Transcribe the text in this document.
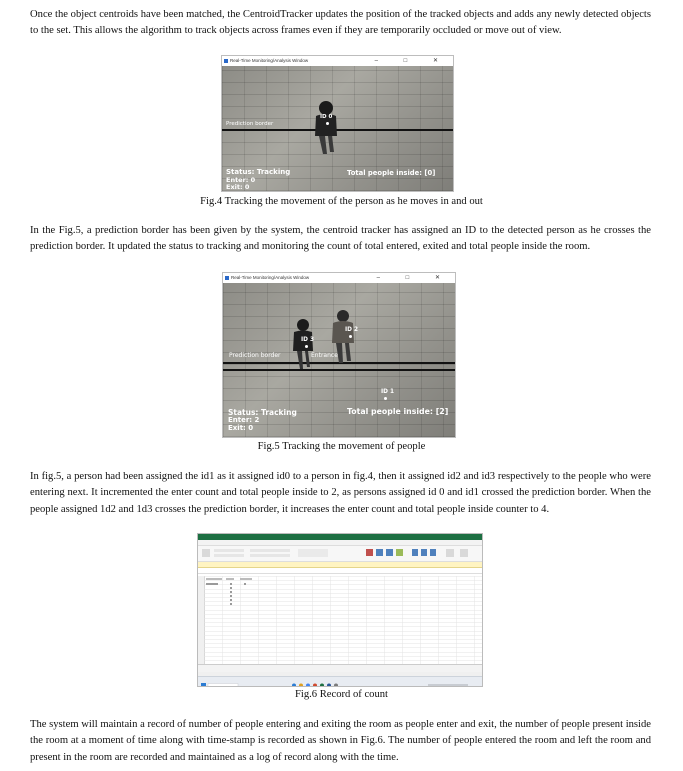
Once the object centroids have been matched, the CentroidTracker updates the position of the tracked objects and adds any newly detected objects to the set. This allows the algorithm to track objects across frames even if they are temporarily occluded or move out of view.

Real-Time Monitoring/Analysis Window	– □ ✕
Prediction border
ID 0
Status: Tracking
Enter: 0
Exit: 0
Total people inside: [0]
Fig.4 Tracking the movement of the person as he moves in and out

In the Fig.5, a prediction border has been given by the system, the centroid tracker has assigned an ID to the detected person as he crosses the prediction border. It updated the status to tracking and monitoring the count of total entered, exited and total people inside the room.

Real-Time Monitoring/Analysis Window	– □ ✕
Prediction border	Entrance
ID 3
ID 2
ID 1
Status: Tracking
Enter: 2
Exit: 0
Total people inside: [2]
Fig.5 Tracking the movement of people

In fig.5, a person had been assigned the id1 as it assigned id0 to a person in fig.4, then it assigned id2 and id3 respectively to the people who were entering next. It incremented the enter count and total people inside to 2, as persons assigned id 0 and id1 crossed the prediction border. When the people assigned 1d2 and 1d3 crosses the prediction border, it increases the enter count and total people inside counter to 4.

Fig.6 Record of count

The system will maintain a record of number of people entering and exiting the room as people enter and exit, the number of people present inside the room at a moment of time along with time-stamp is recorded as shown in Fig.6. The number of people entered the room and left the room and present in the room are recorded and maintained as a log of record along with the time.
